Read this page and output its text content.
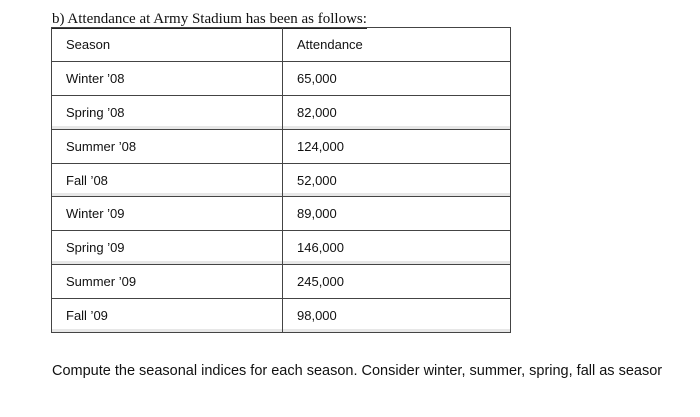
b) Attendance at Army Stadium has been as follows:
Season	Attendance
Winter ’08	65,000
Spring ’08	82,000
Summer ’08	124,000
Fall ’08	52,000
Winter ’09	89,000
Spring ’09	146,000
Summer ’09	245,000
Fall ’09	98,000
Compute the seasonal indices for each season. Consider winter, summer, spring, fall as seasor
